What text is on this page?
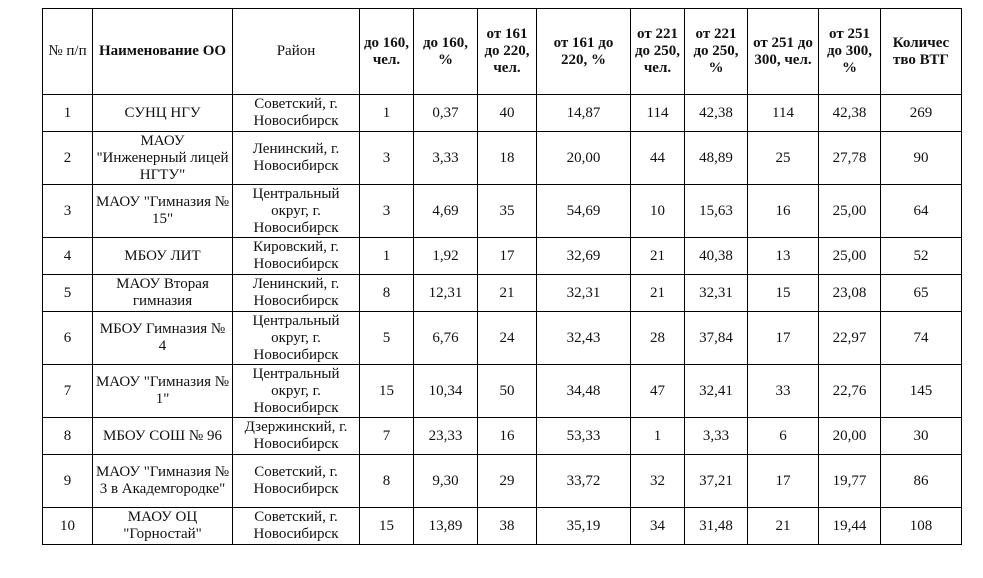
№ п/п	Наименование ОО	Район	до 160, чел.	до 160, %	от 161 до 220, чел.	от 161 до 220, %	от 221 до 250, чел.	от 221 до 250, %	от 251 до 300, чел.	от 251 до 300, %	Количес тво ВТГ
1	СУНЦ НГУ	Советский, г. Новосибирск	1	0,37	40	14,87	114	42,38	114	42,38	269
2	МАОУ "Инженерный лицей НГТУ"	Ленинский, г. Новосибирск	3	3,33	18	20,00	44	48,89	25	27,78	90
3	МАОУ "Гимназия № 15"	Центральный округ, г. Новосибирск	3	4,69	35	54,69	10	15,63	16	25,00	64
4	МБОУ ЛИТ	Кировский, г. Новосибирск	1	1,92	17	32,69	21	40,38	13	25,00	52
5	МАОУ Вторая гимназия	Ленинский, г. Новосибирск	8	12,31	21	32,31	21	32,31	15	23,08	65
6	МБОУ Гимназия № 4	Центральный округ, г. Новосибирск	5	6,76	24	32,43	28	37,84	17	22,97	74
7	МАОУ "Гимназия № 1"	Центральный округ, г. Новосибирск	15	10,34	50	34,48	47	32,41	33	22,76	145
8	МБОУ СОШ № 96	Дзержинский, г. Новосибирск	7	23,33	16	53,33	1	3,33	6	20,00	30
9	МАОУ "Гимназия № 3 в Академгородке"	Советский, г. Новосибирск	8	9,30	29	33,72	32	37,21	17	19,77	86
10	МАОУ ОЦ "Горностай"	Советский, г. Новосибирск	15	13,89	38	35,19	34	31,48	21	19,44	108
